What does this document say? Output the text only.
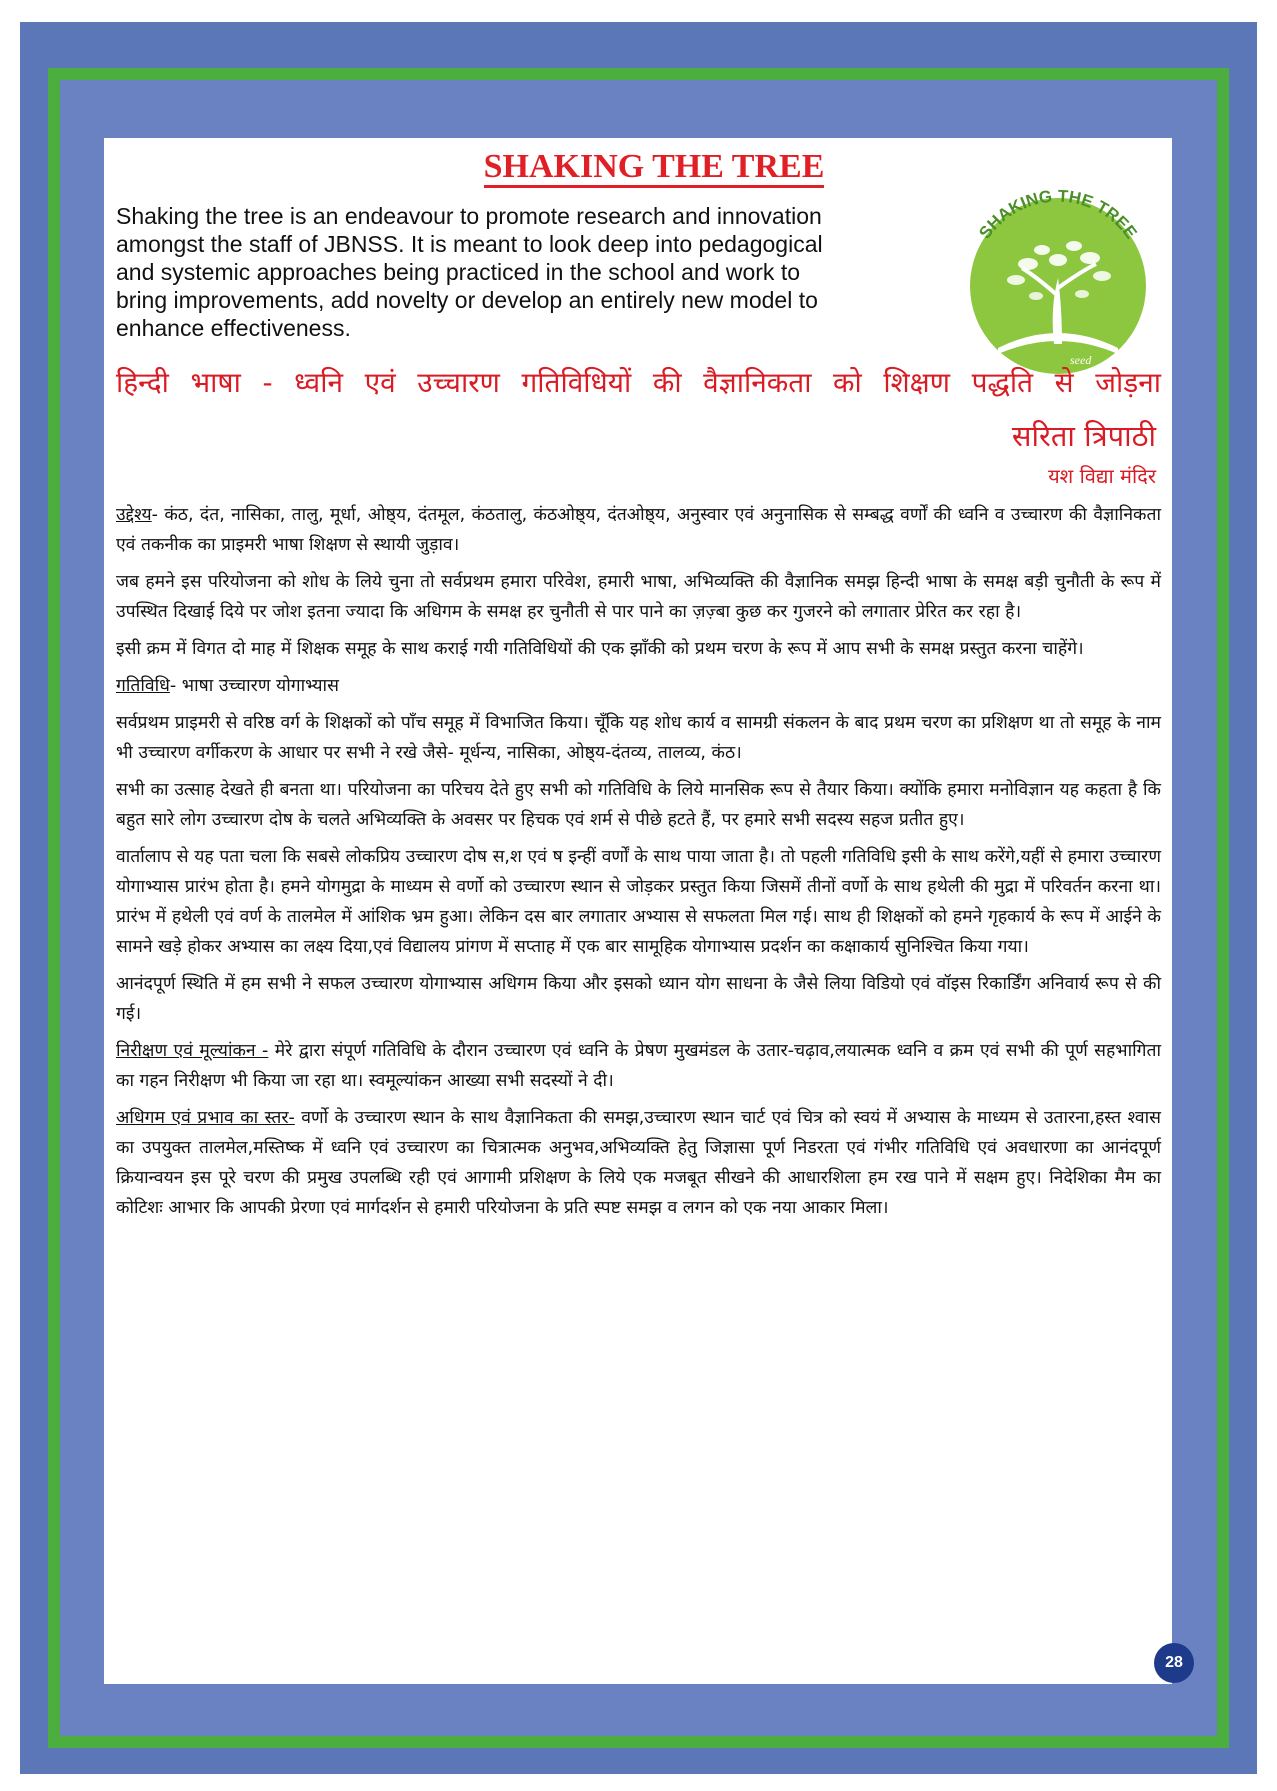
SHAKING THE TREE
Shaking the tree is an endeavour to promote research and innovation amongst the staff of JBNSS. It is meant to look deep into pedagogical and systemic approaches being practiced in the school and work to bring improvements, add novelty or develop an entirely new model to enhance effectiveness.
SHAKING THE TREE
seed
हिन्दी भाषा - ध्वनि एवं उच्चारण गतिविधियों की वैज्ञानिकता को शिक्षण पद्धति से जोड़ना
सरिता त्रिपाठी
यश विद्या मंदिर

उद्देश्य- कंठ, दंत, नासिका, तालु, मूर्धा, ओष्ठ्य, दंतमूल, कंठतालु, कंठओष्ठ्य, दंतओष्ठ्य, अनुस्वार एवं अनुनासिक से सम्बद्ध वर्णों की ध्वनि व उच्चारण की वैज्ञानिकता एवं तकनीक का प्राइमरी भाषा शिक्षण से स्थायी जुड़ाव।

जब हमने इस परियोजना को शोध के लिये चुना तो सर्वप्रथम हमारा परिवेश, हमारी भाषा, अभिव्यक्ति की वैज्ञानिक समझ हिन्दी भाषा के समक्ष बड़ी चुनौती के रूप में उपस्थित दिखाई दिये पर जोश इतना ज्यादा कि अधिगम के समक्ष हर चुनौती से पार पाने का ज़ज़्बा कुछ कर गुजरने को लगातार प्रेरित कर रहा है।

इसी क्रम में विगत दो माह में शिक्षक समूह के साथ कराई गयी गतिविधियों की एक झाँकी को प्रथम चरण के रूप में आप सभी के समक्ष प्रस्तुत करना चाहेंगे।

गतिविधि- भाषा उच्चारण योगाभ्यास

सर्वप्रथम प्राइमरी से वरिष्ठ वर्ग के शिक्षकों को पाँच समूह में विभाजित किया। चूँकि यह शोध कार्य व सामग्री संकलन के बाद प्रथम चरण का प्रशिक्षण था तो समूह के नाम भी उच्चारण वर्गीकरण के आधार पर सभी ने रखे जैसे- मूर्धन्य, नासिका, ओष्ठ्य-दंतव्य, तालव्य, कंठ।

सभी का उत्साह देखते ही बनता था। परियोजना का परिचय देते हुए सभी को गतिविधि के लिये मानसिक रूप से तैयार किया। क्योंकि हमारा मनोविज्ञान यह कहता है कि बहुत सारे लोग उच्चारण दोष के चलते अभिव्यक्ति के अवसर पर हिचक एवं शर्म से पीछे हटते हैं, पर हमारे सभी सदस्य सहज प्रतीत हुए।

वार्तालाप से यह पता चला कि सबसे लोकप्रिय उच्चारण दोष स,श एवं ष इन्हीं वर्णों के साथ पाया जाता है। तो पहली गतिविधि इसी के साथ करेंगे,यहीं से हमारा उच्चारण योगाभ्यास प्रारंभ होता है। हमने योगमुद्रा के माध्यम से वर्णो को उच्चारण स्थान से जोड़कर प्रस्तुत किया जिसमें तीनों वर्णो के साथ हथेली की मुद्रा में परिवर्तन करना था। प्रारंभ में हथेली एवं वर्ण के तालमेल में आंशिक भ्रम हुआ। लेकिन दस बार लगातार अभ्यास से सफलता मिल गई। साथ ही शिक्षकों को हमने गृहकार्य के रूप में आईने के सामने खड़े होकर अभ्यास का लक्ष्य दिया,एवं विद्यालय प्रांगण में सप्ताह में एक बार सामूहिक योगाभ्यास प्रदर्शन का कक्षाकार्य सुनिश्चित किया गया।

आनंदपूर्ण स्थिति में हम सभी ने सफल उच्चारण योगाभ्यास अधिगम किया और इसको ध्यान योग साधना के जैसे लिया विडियो एवं वॉइस रिकार्डिंग अनिवार्य रूप से की गई।

निरीक्षण एवं मूल्यांकन - मेरे द्वारा संपूर्ण गतिविधि के दौरान उच्चारण एवं ध्वनि के प्रेषण मुखमंडल के उतार-चढ़ाव,लयात्मक ध्वनि व क्रम एवं सभी की पूर्ण सहभागिता का गहन निरीक्षण भी किया जा रहा था। स्वमूल्यांकन आख्या सभी सदस्यों ने दी।

अधिगम एवं प्रभाव का स्तर- वर्णो के उच्चारण स्थान के साथ वैज्ञानिकता की समझ,उच्चारण स्थान चार्ट एवं चित्र को स्वयं में अभ्यास के माध्यम से उतारना,हस्त श्वास का उपयुक्त तालमेल,मस्तिष्क में ध्वनि एवं उच्चारण का चित्रात्मक अनुभव,अभिव्यक्ति हेतु जिज्ञासा पूर्ण निडरता एवं गंभीर गतिविधि एवं अवधारणा का आनंदपूर्ण क्रियान्वयन इस पूरे चरण की प्रमुख उपलब्धि रही एवं आगामी प्रशिक्षण के लिये एक मजबूत सीखने की आधारशिला हम रख पाने में सक्षम हुए। निदेशिका मैम का कोटिशः आभार कि आपकी प्रेरणा एवं मार्गदर्शन से हमारी परियोजना के प्रति स्पष्ट समझ व लगन को एक नया आकार मिला।

28
